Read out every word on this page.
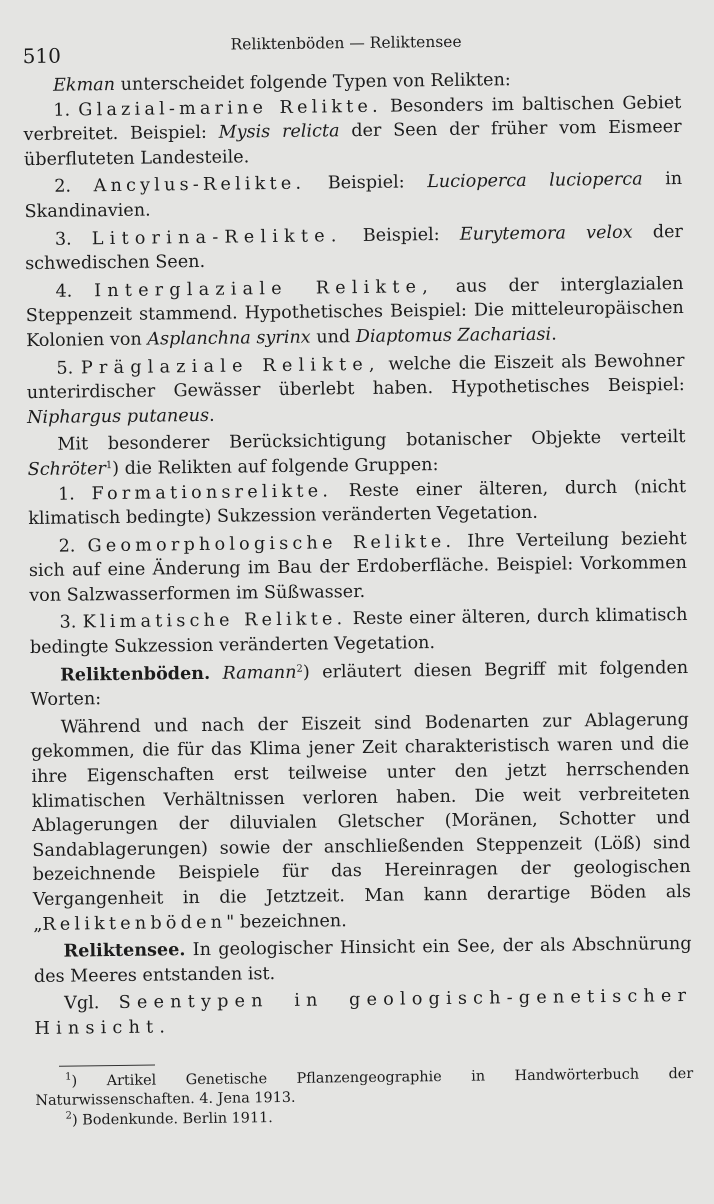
510
Reliktenböden — Reliktensee

Ekman unterscheidet folgende Typen von Relikten:

1. Glazial-marine Relikte. Besonders im baltischen Gebiet verbreitet. Beispiel: Mysis relicta der Seen der früher vom Eismeer überfluteten Landesteile.

2. Ancylus-Relikte. Beispiel: Lucioperca lucioperca in Skandinavien.

3. Litorina-Relikte. Beispiel: Eurytemora velox der schwedischen Seen.

4. Interglaziale Relikte, aus der interglazialen Steppenzeit stammend. Hypothetisches Beispiel: Die mitteleuropäischen Kolonien von Asplanchna syrinx und Diaptomus Zachariasi.

5. Präglaziale Relikte, welche die Eiszeit als Bewohner unterirdischer Gewässer überlebt haben. Hypothetisches Beispiel: Niphargus putaneus.

Mit besonderer Berücksichtigung botanischer Objekte verteilt Schröter$^1$) die Relikten auf folgende Gruppen:

1. Formationsrelikte. Reste einer älteren, durch (nicht klimatisch bedingte) Sukzession veränderten Vegetation.

2. Geomorphologische Relikte. Ihre Verteilung bezieht sich auf eine Änderung im Bau der Erdoberfläche. Beispiel: Vorkommen von Salzwasserformen im Süßwasser.

3. Klimatische Relikte. Reste einer älteren, durch klimatisch bedingte Sukzession veränderten Vegetation.

Reliktenböden. Ramann$^2$) erläutert diesen Begriff mit folgenden Worten:

Während und nach der Eiszeit sind Bodenarten zur Ablagerung gekommen, die für das Klima jener Zeit charakteristisch waren und die ihre Eigenschaften erst teilweise unter den jetzt herrschenden klimatischen Verhältnissen verloren haben. Die weit verbreiteten Ablagerungen der diluvialen Gletscher (Moränen, Schotter und Sandablagerungen) sowie der anschließenden Steppenzeit (Löß) sind bezeichnende Beispiele für das Hereinragen der geologischen Vergangenheit in die Jetztzeit. Man kann derartige Böden als „Reliktenböden" bezeichnen.

Reliktensee. In geologischer Hinsicht ein See, der als Abschnürung des Meeres entstanden ist.

Vgl. Seentypen in geologisch-genetischer Hinsicht.

$^1$) Artikel Genetische Pflanzengeographie in Handwörterbuch der Naturwissenschaften. 4. Jena 1913.

$^2$) Bodenkunde. Berlin 1911.
